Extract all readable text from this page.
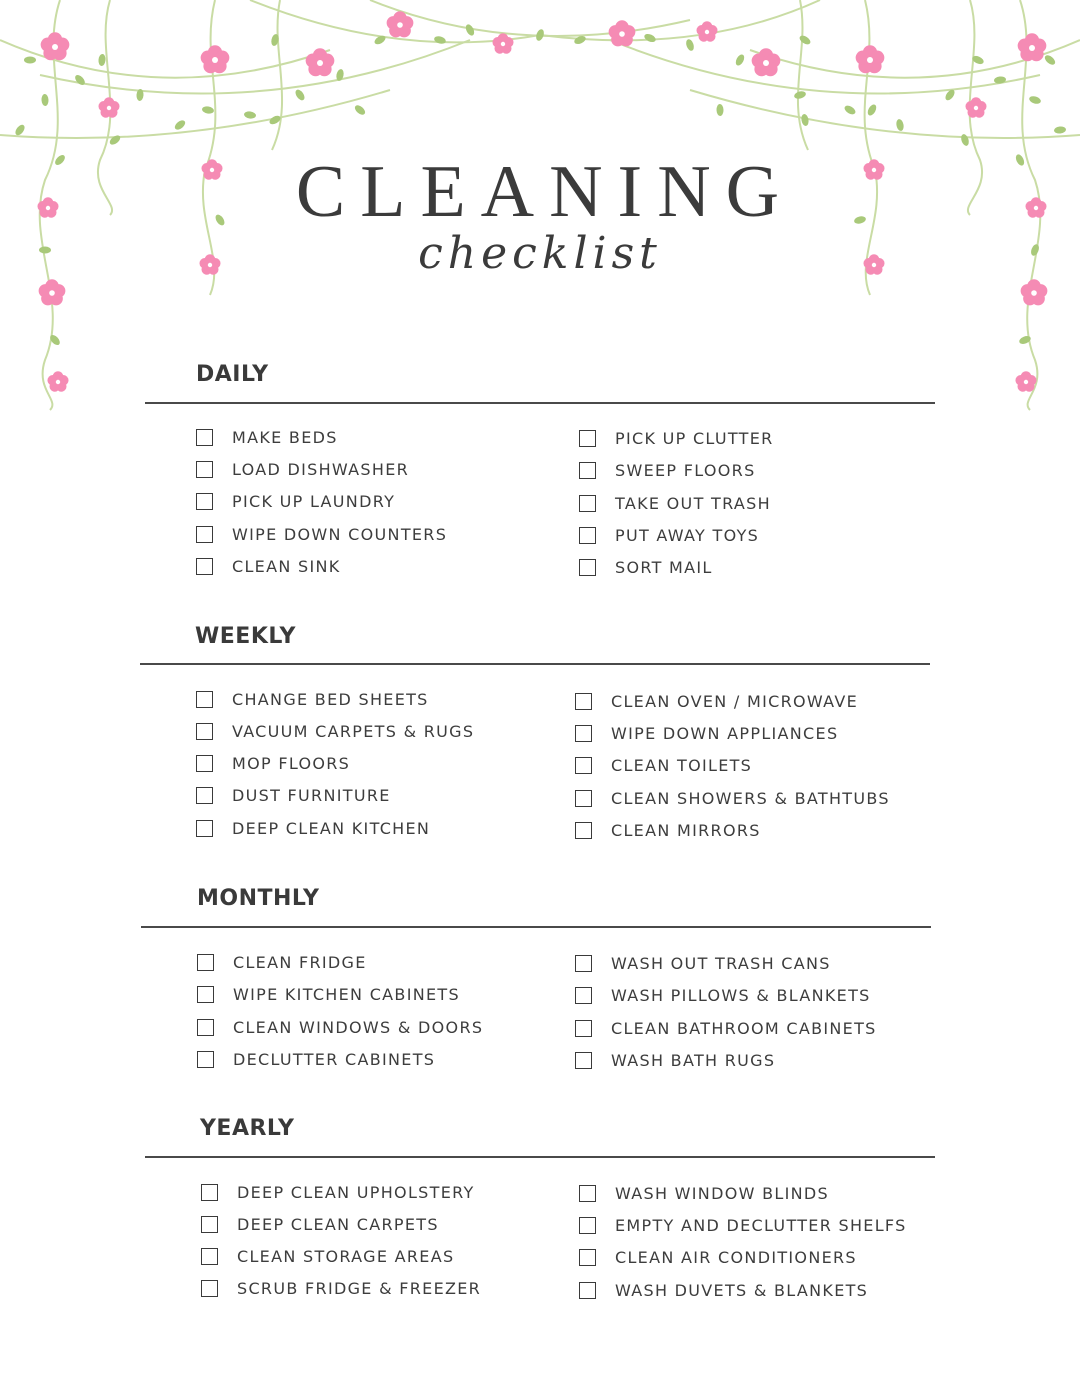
CLEANING
checklist
DAILY
MAKE BEDS
LOAD DISHWASHER
PICK UP LAUNDRY
WIPE DOWN COUNTERS
CLEAN SINK
PICK UP CLUTTER
SWEEP FLOORS
TAKE OUT TRASH
PUT AWAY TOYS
SORT MAIL
WEEKLY
CHANGE BED SHEETS
VACUUM CARPETS & RUGS
MOP FLOORS
DUST FURNITURE
DEEP CLEAN KITCHEN
CLEAN OVEN / MICROWAVE
WIPE DOWN APPLIANCES
CLEAN TOILETS
CLEAN SHOWERS & BATHTUBS
CLEAN MIRRORS
MONTHLY
CLEAN FRIDGE
WIPE KITCHEN CABINETS
CLEAN WINDOWS & DOORS
DECLUTTER CABINETS
WASH OUT TRASH CANS
WASH PILLOWS & BLANKETS
CLEAN BATHROOM CABINETS
WASH BATH RUGS
YEARLY
DEEP CLEAN UPHOLSTERY
DEEP CLEAN CARPETS
CLEAN STORAGE AREAS
SCRUB FRIDGE & FREEZER
WASH WINDOW BLINDS
EMPTY AND DECLUTTER SHELFS
CLEAN AIR CONDITIONERS
WASH DUVETS & BLANKETS
